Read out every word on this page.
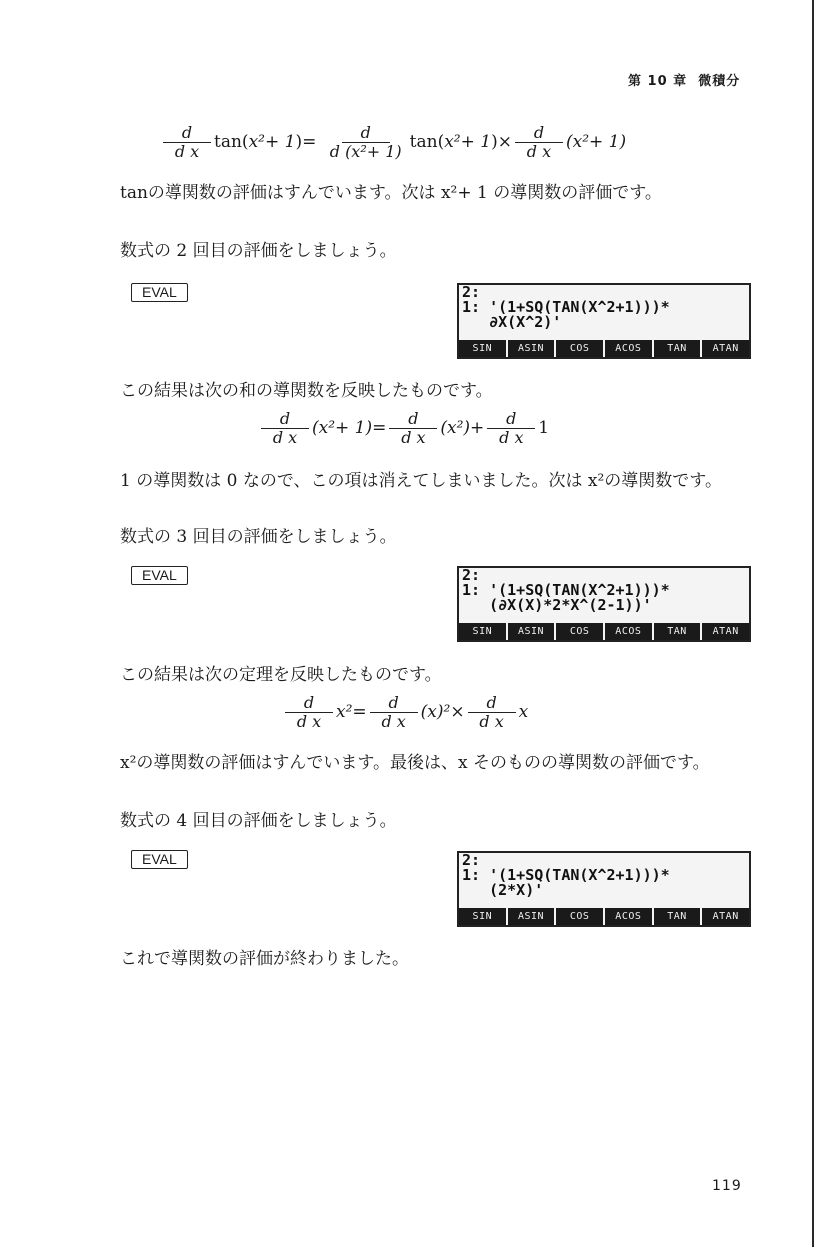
第 10 章 微積分
$\frac{d}{\text{d x}} \tan(x^2+ 1)= \frac{d}{\text{d (x²+ 1)}} \tan(x^2+ 1)\times \frac{d}{\text{d x}} (x^2+ 1)$
tanの導関数の評価はすんでいます。次は x²+ 1 の導関数の評価です。
数式の 2 回目の評価をしましょう。
EVAL	2:
1: '(1+SQ(TAN(X^2+1)))*
∂X(X^2)'
SIN	ASIN	COS	ACOS	TAN	ATAN
この結果は次の和の導関数を反映したものです。
$\frac{d}{\text{d x}} (x^2+ 1)= \frac{d}{\text{d x}} (x^2)+ \frac{d}{\text{d x}} 1$
1 の導関数は 0 なので、この項は消えてしまいました。次は x²の導関数です。
数式の 3 回目の評価をしましょう。
EVAL	2:
1: '(1+SQ(TAN(X^2+1)))*
(∂X(X)*2*X^(2-1))'
SIN	ASIN	COS	ACOS	TAN	ATAN
この結果は次の定理を反映したものです。
$\frac{d}{\text{d x}} x^2= \frac{d}{\text{d x}} (x)^2\times \frac{d}{\text{d x}}$ x
x²の導関数の評価はすんでいます。最後は、x そのものの導関数の評価です。
数式の 4 回目の評価をしましょう。
EVAL	2:
1: '(1+SQ(TAN(X^2+1)))*
(2*X)'
SIN	ASIN	COS	ACOS	TAN	ATAN
これで導関数の評価が終わりました。
119
